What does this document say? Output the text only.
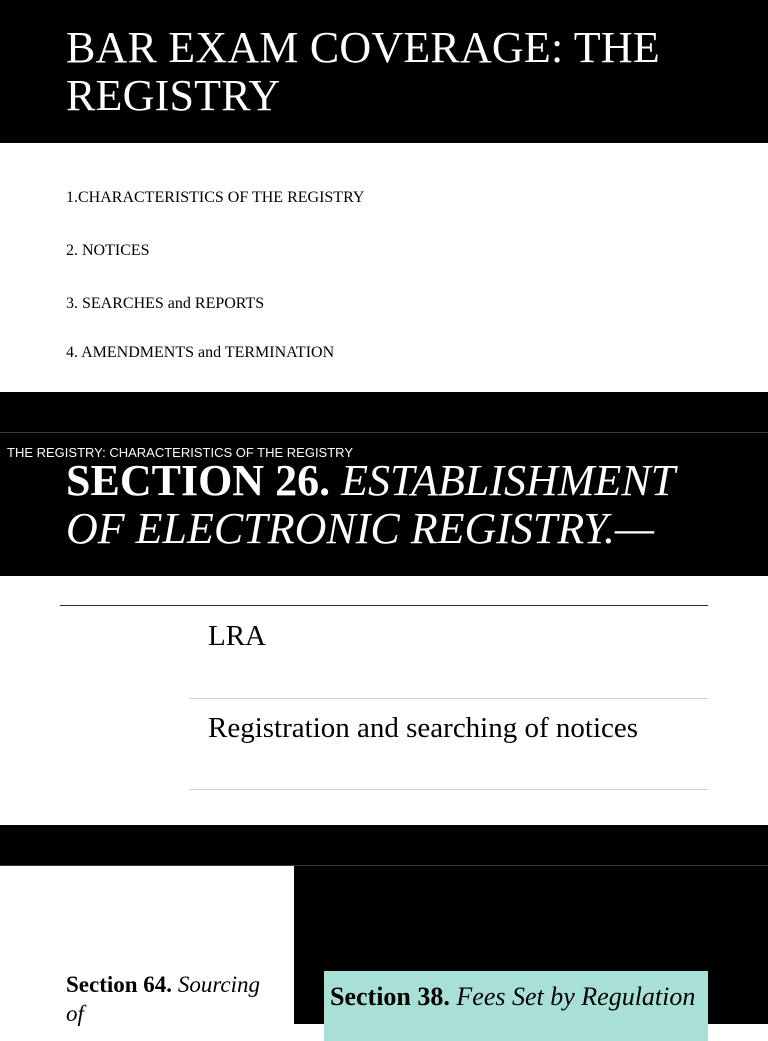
BAR EXAM COVERAGE: THE REGISTRY

1.CHARACTERISTICS OF THE REGISTRY

2. NOTICES

3. SEARCHES and REPORTS

4. AMENDMENTS and TERMINATION

THE REGISTRY: CHARACTERISTICS OF THE REGISTRY

SECTION 26. ESTABLISHMENT OF ELECTRONIC REGISTRY.—

LRA

Registration and searching of notices

Section 64. Sourcing of

Section 38. Fees Set by Regulation
